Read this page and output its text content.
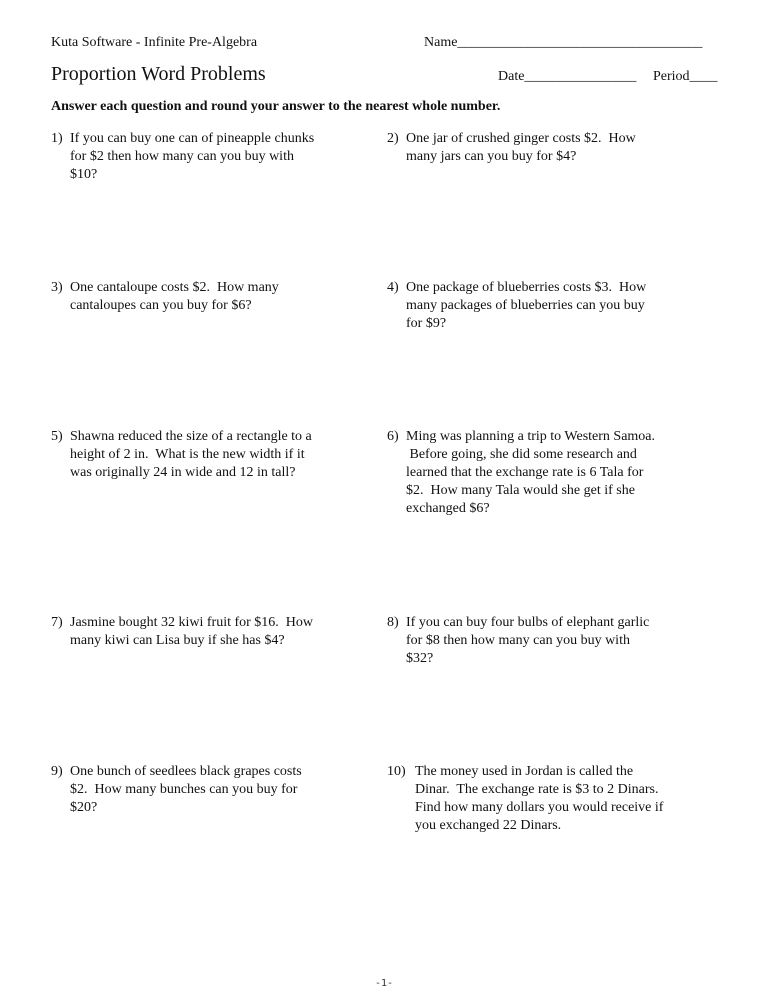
Kuta Software - Infinite Pre-Algebra	Name___________________________________
Proportion Word Problems	Date________________ Period____
Answer each question and round your answer to the nearest whole number.
1) If you can buy one can of pineapple chunks
for $2 then how many can you buy with
$10?
2) One jar of crushed ginger costs $2.  How
many jars can you buy for $4?
3) One cantaloupe costs $2.  How many
cantaloupes can you buy for $6?
4) One package of blueberries costs $3.  How
many packages of blueberries can you buy
for $9?
5) Shawna reduced the size of a rectangle to a
height of 2 in.  What is the new width if it
was originally 24 in wide and 12 in tall?
6) Ming was planning a trip to Western Samoa.
Before going, she did some research and
learned that the exchange rate is 6 Tala for
$2.  How many Tala would she get if she
exchanged $6?
7) Jasmine bought 32 kiwi fruit for $16.  How
many kiwi can Lisa buy if she has $4?
8) If you can buy four bulbs of elephant garlic
for $8 then how many can you buy with
$32?
9) One bunch of seedlees black grapes costs
$2.  How many bunches can you buy for
$20?
10) The money used in Jordan is called the
Dinar.  The exchange rate is $3 to 2 Dinars.
Find how many dollars you would receive if
you exchanged 22 Dinars.
-1-
